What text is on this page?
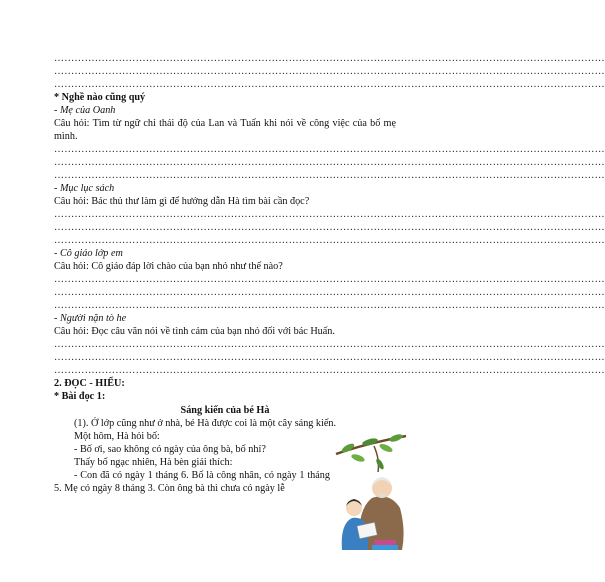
………………………………………………………………………………………………………………………………………………
………………………………………………………………………………………………………………………………………………
………………………………………………………………………………………………………………………………………………
* Nghề nào cũng quý
- Mẹ của Oanh
Câu hỏi: Tìm từ ngữ chỉ thái độ của Lan và Tuấn khi nói về công việc của bố mẹ mình.
………………………………………………………………………………………………………………………………………………
………………………………………………………………………………………………………………………………………………
………………………………………………………………………………………………………………………………………………
- Mục lục sách
Câu hỏi: Bác thủ thư làm gì để hướng dẫn Hà tìm bài cần đọc?
………………………………………………………………………………………………………………………………………………
………………………………………………………………………………………………………………………………………………
………………………………………………………………………………………………………………………………………………
- Cô giáo lớp em
Câu hỏi: Cô giáo đáp lời chào của bạn nhỏ như thế nào?
………………………………………………………………………………………………………………………………………………
………………………………………………………………………………………………………………………………………………
………………………………………………………………………………………………………………………………………………
- Người nặn tò he
Câu hỏi: Đọc câu văn nói về tình cảm của bạn nhỏ đối với bác Huấn.
………………………………………………………………………………………………………………………………………………
………………………………………………………………………………………………………………………………………………
………………………………………………………………………………………………………………………………………………
2. ĐỌC - HIỂU:
* Bài đọc 1:
Sáng kiến của bé Hà
(1). Ở lớp cũng như ở nhà, bé Hà được coi là một cây sáng kiến.
Một hôm, Hà hỏi bố:
- Bố ơi, sao không có ngày của ông bà, bố nhỉ?
Thấy bố ngạc nhiên, Hà bèn giải thích:
- Con đã có ngày 1 tháng 6. Bố là công nhân, có ngày 1 tháng 5. Mẹ có ngày 8 tháng 3. Còn ông bà thì chưa có ngày lễ
